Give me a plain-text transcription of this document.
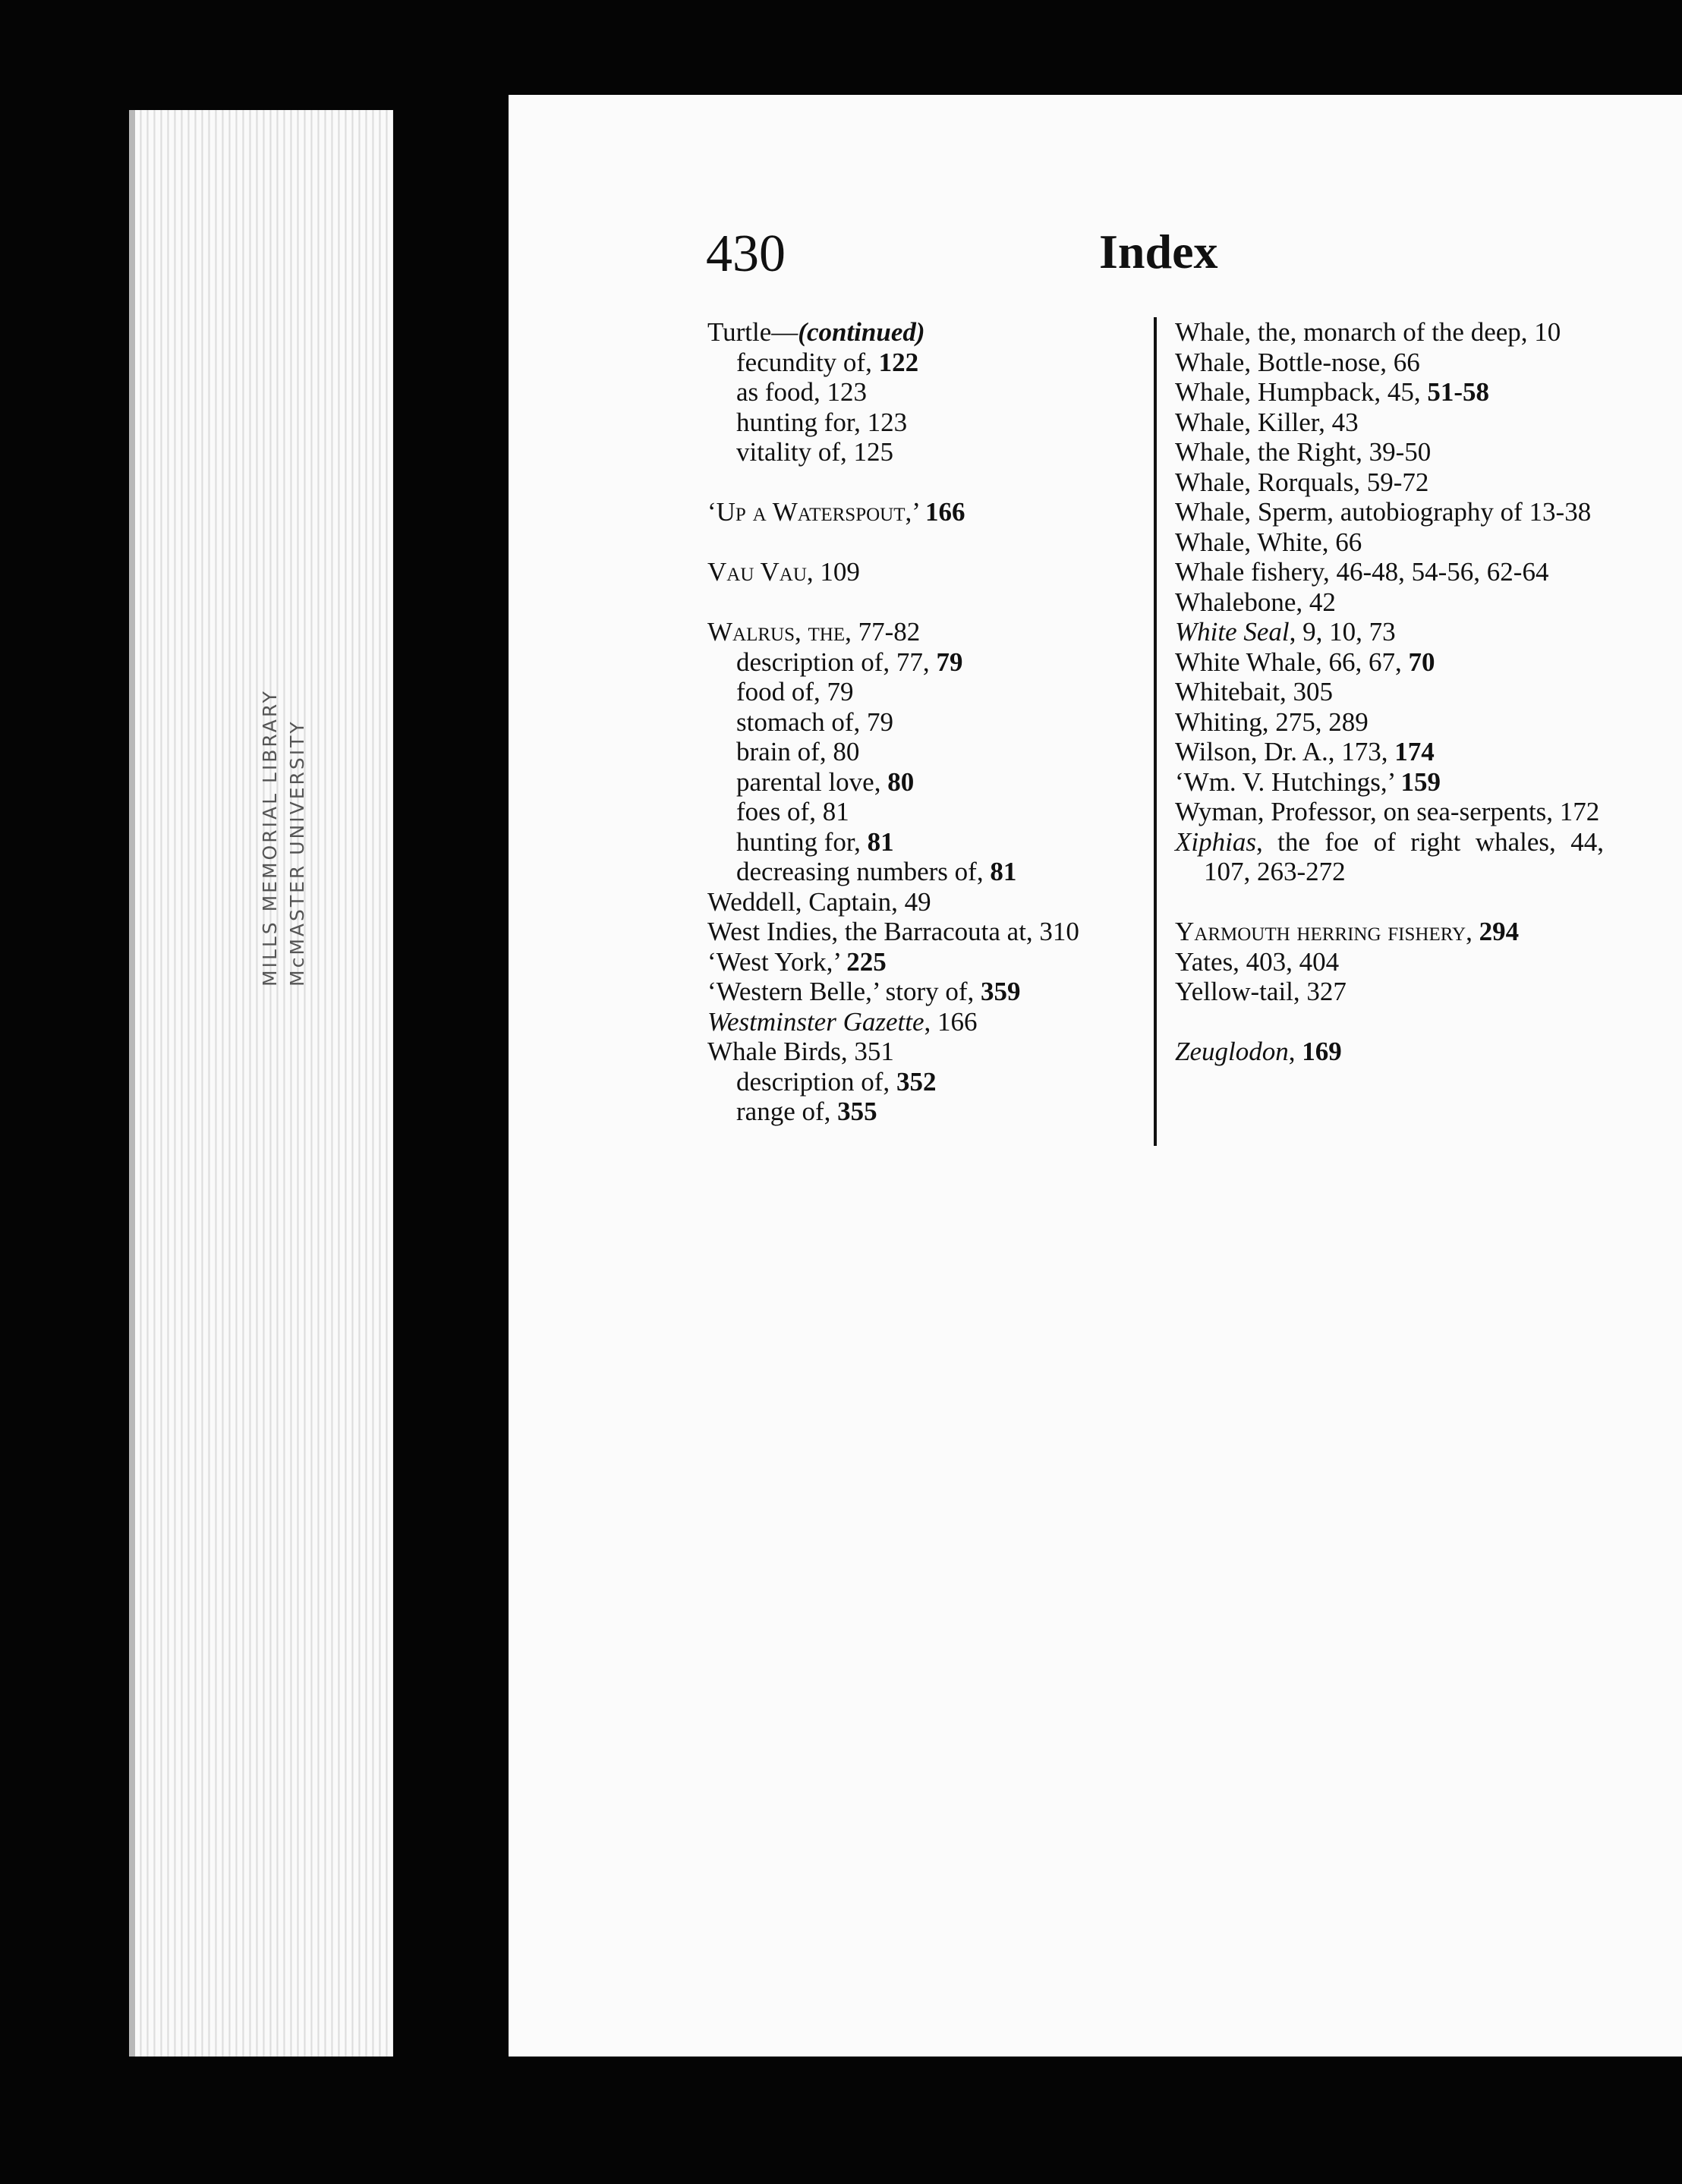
MILLS MEMORIAL LIBRARY McMASTER UNIVERSITY
430	Index

Turtle—(continued)

fecundity of, 122

as food, 123

hunting for, 123

vitality of, 125

‘Up a Waterspout,’ 166

Vau Vau, 109

Walrus, the, 77-82

description of, 77, 79

food of, 79

stomach of, 79

brain of, 80

parental love, 80

foes of, 81

hunting for, 81

decreasing numbers of, 81

Weddell, Captain, 49

West Indies, the Barracouta at, 310

‘West York,’ 225

‘Western Belle,’ story of, 359

Westminster Gazette, 166

Whale Birds, 351

description of, 352

range of, 355

Whale, the, monarch of the deep, 10

Whale, Bottle-nose, 66

Whale, Humpback, 45, 51-58

Whale, Killer, 43

Whale, the Right, 39-50

Whale, Rorquals, 59-72

Whale, Sperm, autobiography of 13-38

Whale, White, 66

Whale fishery, 46-48, 54-56, 62-64

Whalebone, 42

White Seal, 9, 10, 73

White Whale, 66, 67, 70

Whitebait, 305

Whiting, 275, 289

Wilson, Dr. A., 173, 174

‘Wm. V. Hutchings,’ 159

Wyman, Professor, on sea-serpents, 172

Xiphias, the foe of right whales, 44, 107, 263-272

Yarmouth herring fishery, 294

Yates, 403, 404

Yellow-tail, 327

Zeuglodon, 169
